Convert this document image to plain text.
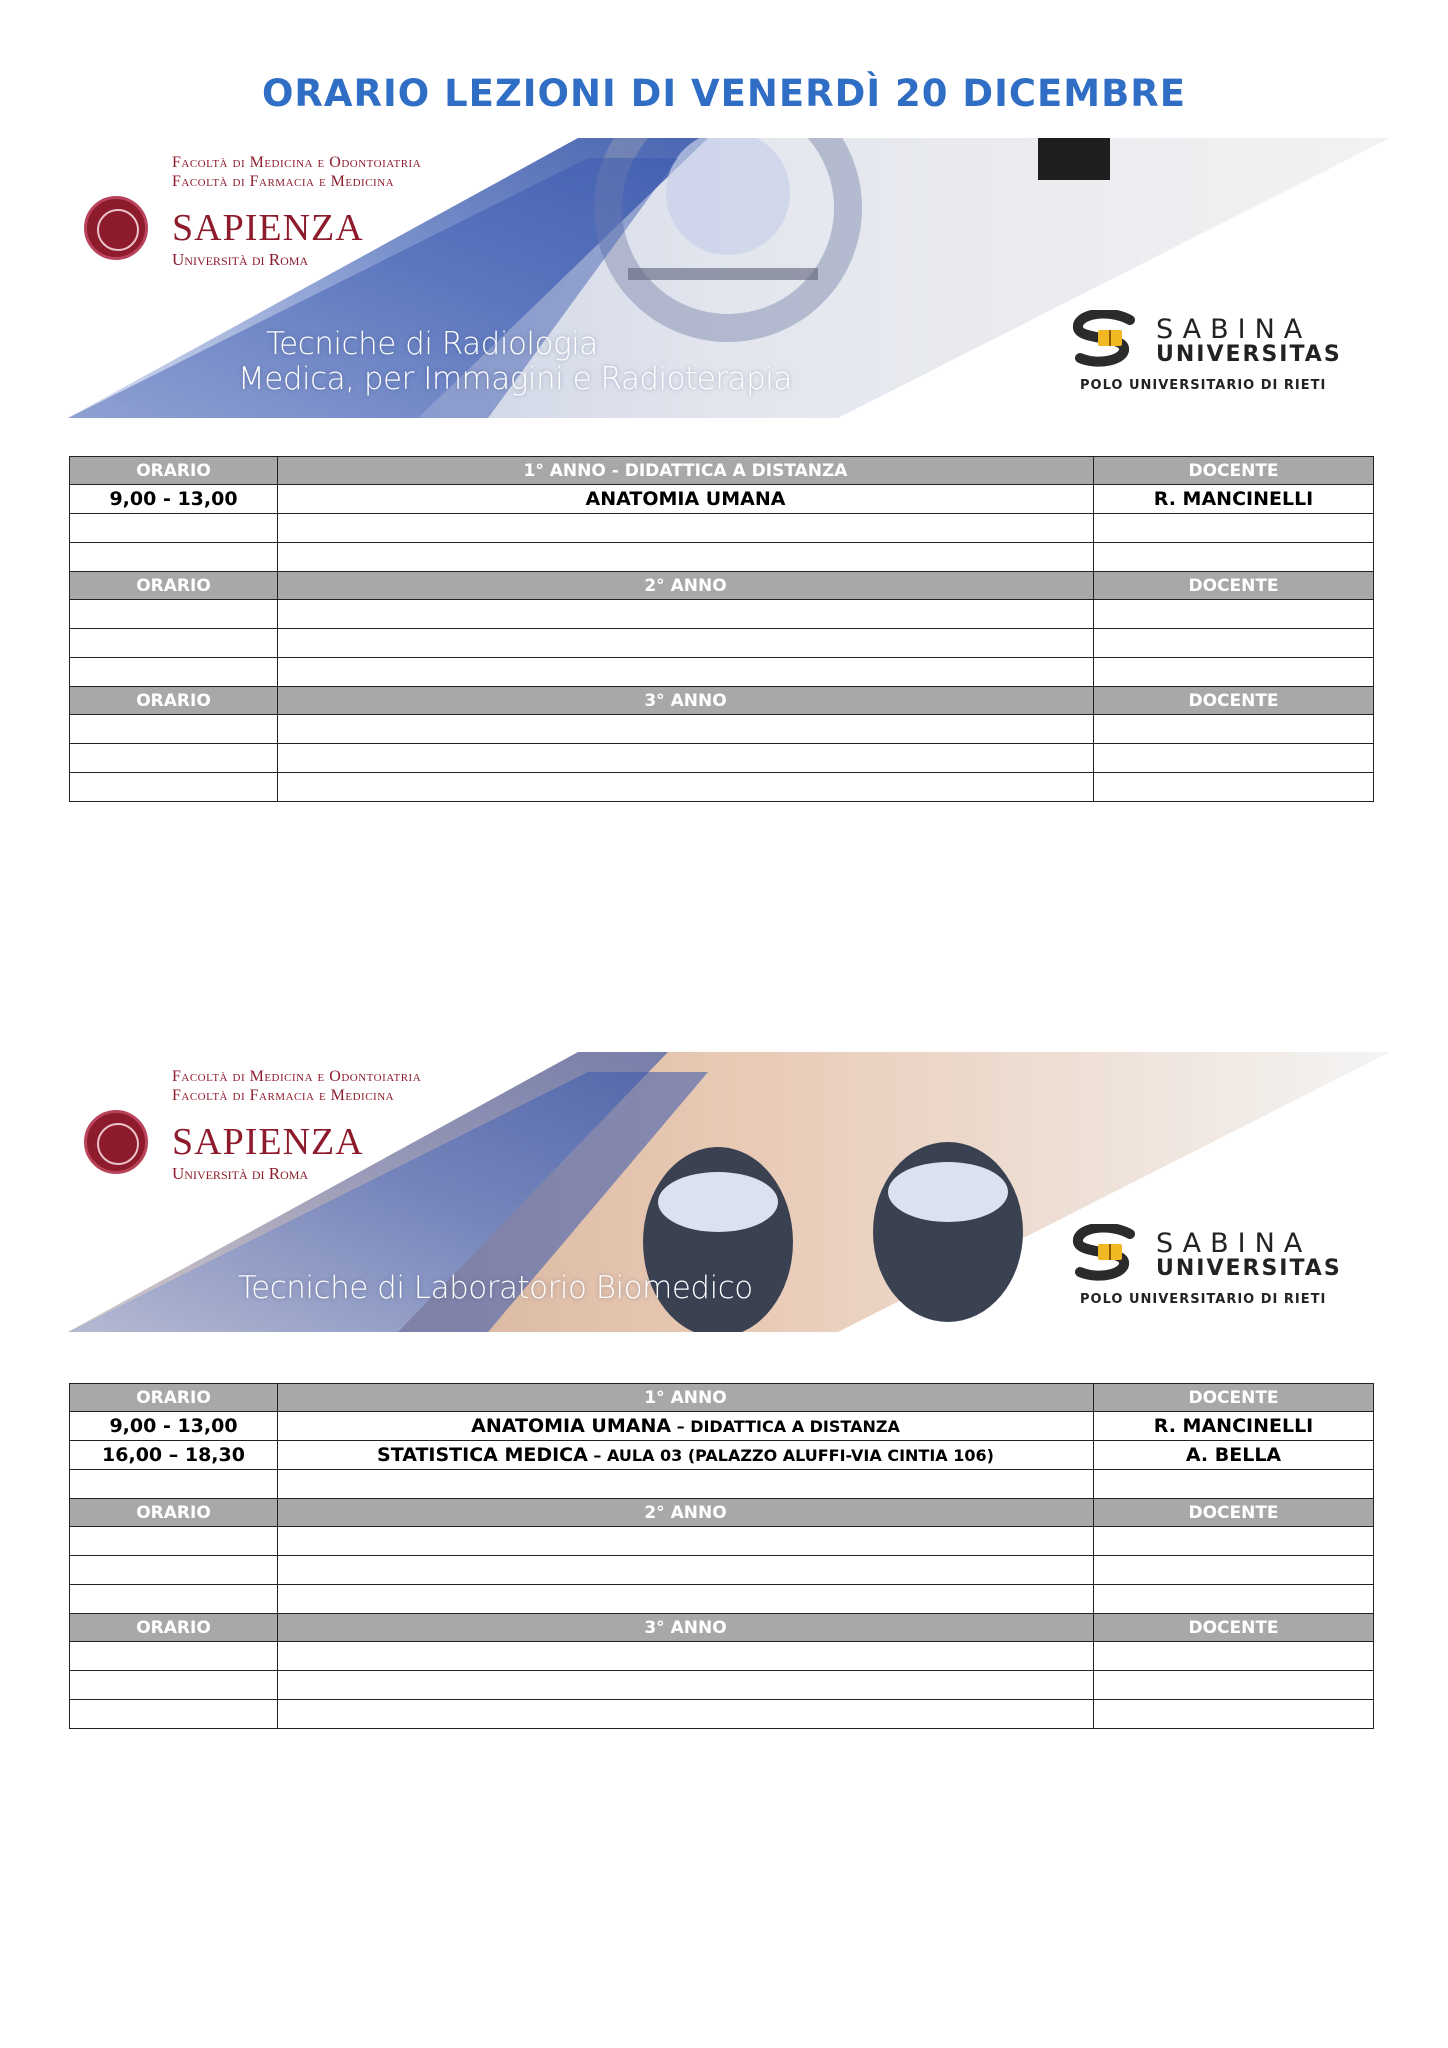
ORARIO LEZIONI DI VENERDÌ 20 DICEMBRE
Facoltà di Medicina e Odontoiatria
Facoltà di Farmacia e Medicina
SAPIENZA
Università di Roma
Tecniche di Radiologia
Medica, per Immagini e Radioterapia
SABINA
UNIVERSITAS
POLO UNIVERSITARIO DI RIETI
ORARIO	1° ANNO - DIDATTICA A DISTANZA	DOCENTE
9,00 - 13,00	ANATOMIA UMANA	R. MANCINELLI

ORARIO	2° ANNO	DOCENTE

ORARIO	3° ANNO	DOCENTE

Facoltà di Medicina e Odontoiatria
Facoltà di Farmacia e Medicina
SAPIENZA
Università di Roma
Tecniche di Laboratorio Biomedico
SABINA
UNIVERSITAS
POLO UNIVERSITARIO DI RIETI
ORARIO	1° ANNO	DOCENTE
9,00 - 13,00	ANATOMIA UMANA – DIDATTICA A DISTANZA	R. MANCINELLI
16,00 – 18,30	STATISTICA MEDICA – AULA 03 (PALAZZO ALUFFI-VIA CINTIA 106)	A. BELLA

ORARIO	2° ANNO	DOCENTE

ORARIO	3° ANNO	DOCENTE
